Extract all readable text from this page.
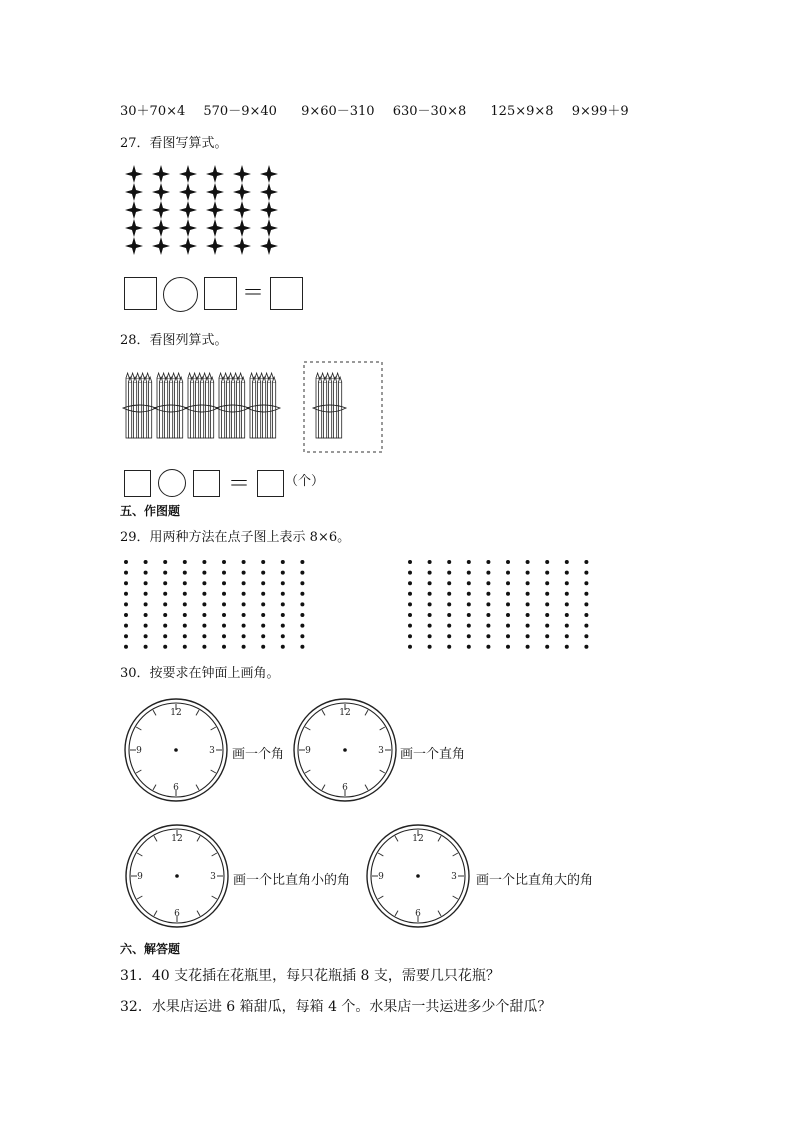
30＋70×4 570－9×40 9×60－310 630－30×8 125×9×8 9×99＋9
27．看图写算式。
＝
28．看图列算式。
＝	（个）
五、作图题
29．用两种方法在点子图上表示 8×6。
30．按要求在钟面上画角。
12
3
6
9
12
3
6
9
12
3
6
9
12
3
6
9
画一个角	画一个直角
画一个比直角小的角	画一个比直角大的角
六、解答题
31．40 支花插在花瓶里，每只花瓶插 8 支，需要几只花瓶？
32．水果店运进 6 箱甜瓜，每箱 4 个。水果店一共运进多少个甜瓜？
